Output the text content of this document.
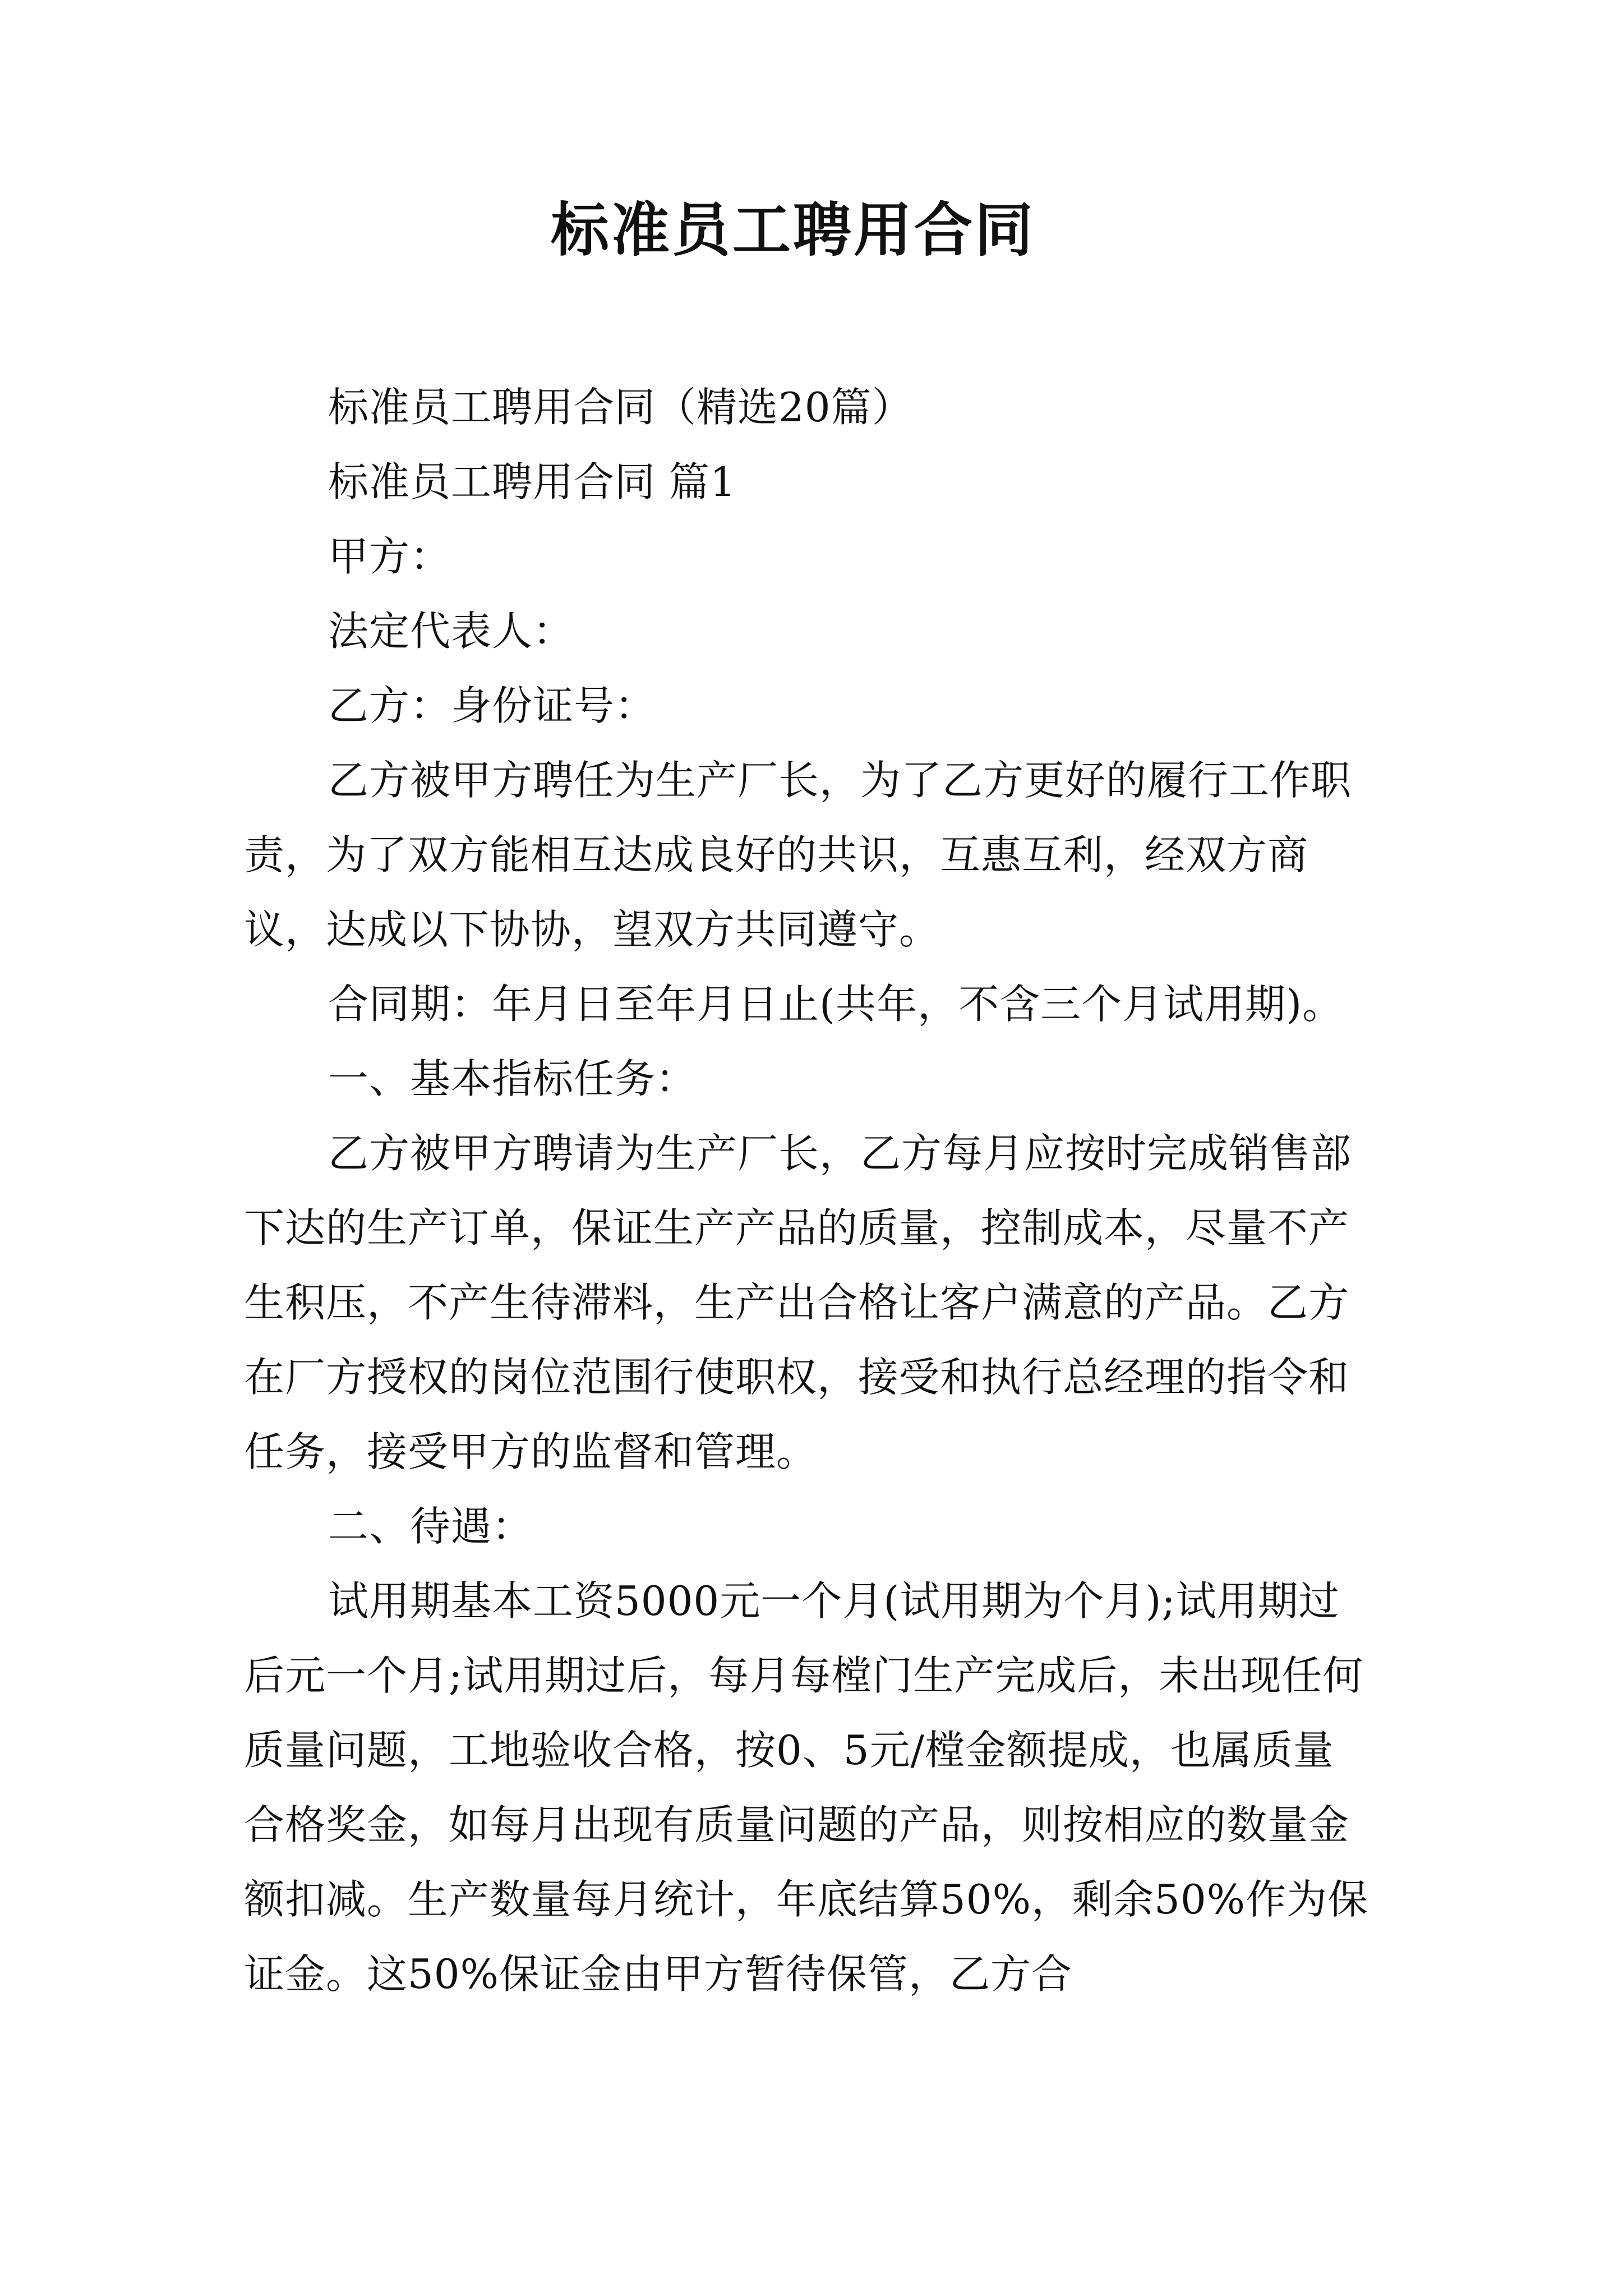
标准员工聘用合同

标准员工聘用合同（精选20篇）

标准员工聘用合同 篇1

甲方：

法定代表人：

乙方：身份证号：

乙方被甲方聘任为生产厂长，为了乙方更好的履行工作职责，为了双方能相互达成良好的共识，互惠互利，经双方商议，达成以下协协，望双方共同遵守。

合同期：年月日至年月日止(共年，不含三个月试用期)。

一、基本指标任务：

乙方被甲方聘请为生产厂长，乙方每月应按时完成销售部下达的生产订单，保证生产产品的质量，控制成本，尽量不产生积压，不产生待滞料，生产出合格让客户满意的产品。乙方在厂方授权的岗位范围行使职权，接受和执行总经理的指令和任务，接受甲方的监督和管理。

二、待遇：

试用期基本工资5000元一个月(试用期为个月);试用期过后元一个月;试用期过后，每月每樘门生产完成后，未出现任何质量问题，工地验收合格，按0、5元/樘金额提成，也属质量合格奖金，如每月出现有质量问题的产品，则按相应的数量金额扣减。生产数量每月统计，年底结算50%，剩余50%作为保证金。这50%保证金由甲方暂待保管，乙方合
